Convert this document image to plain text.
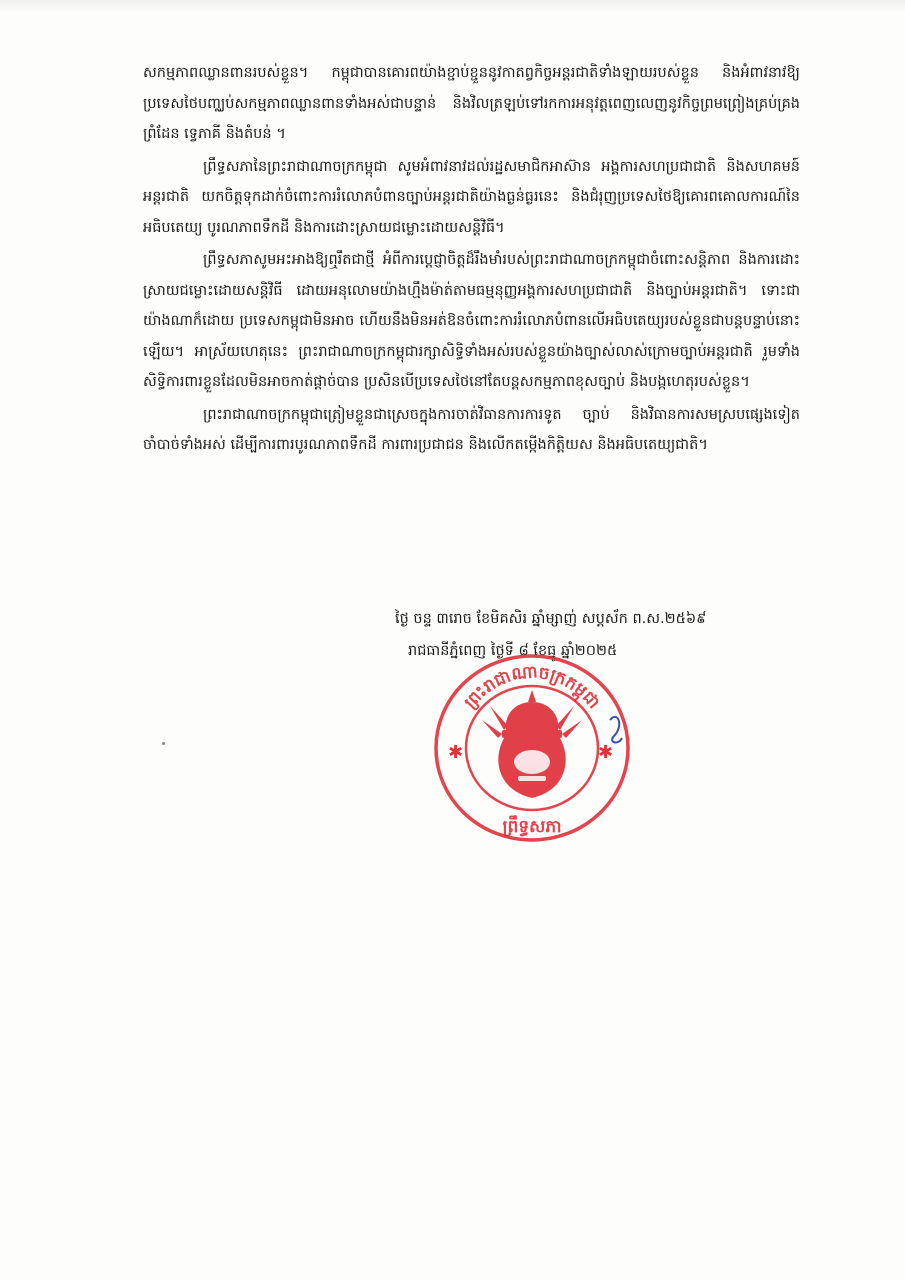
សកម្មភាពឈ្លានពានរបស់ខ្លួន។ កម្ពុជាបានគោរពយ៉ាងខ្ជាប់ខ្ជួននូវកាតព្វកិច្ចអន្តរជាតិទាំងឡាយរបស់ខ្លួន និងអំពាវនាវឱ្យប្រទេសថៃបញ្ឈប់សកម្មភាពឈ្លានពានទាំងអស់ជាបន្ទាន់ និងវិលត្រឡប់ទៅរកការអនុវត្តពេញលេញនូវកិច្ចព្រមព្រៀងគ្រប់គ្រងព្រំដែន ទ្វេភាគី និងតំបន់ ។

ព្រឹទ្ធសភានៃព្រះរាជាណាចក្រកម្ពុជា សូមអំពាវនាវដល់រដ្ឋសមាជិកអាស៊ាន អង្គការសហប្រជាជាតិ និងសហគមន៍អន្តរជាតិ យកចិត្តទុកដាក់ចំពោះការរំលោភបំពានច្បាប់អន្តរជាតិយ៉ាងធ្ងន់ធ្ងរនេះ និងជំរុញប្រទេសថៃឱ្យគោរពគោលការណ៍នៃអធិបតេយ្យ បូរណភាពទឹកដី និងការដោះស្រាយជម្លោះដោយសន្តិវិធី។

ព្រឹទ្ធសភាសូមអះអាងឱ្យឮរឹតជាថ្មី អំពីការប្តេជ្ញាចិត្តដ៏រឹងមាំរបស់ព្រះរាជាណាចក្រកម្ពុជាចំពោះសន្តិភាព និងការដោះស្រាយជម្លោះដោយសន្តិវិធី ដោយអនុលោមយ៉ាងហ្មឹងម៉ាត់តាមធម្មនុញ្ញអង្គការសហប្រជាជាតិ និងច្បាប់អន្តរជាតិ។ ទោះជាយ៉ាងណាក៏ដោយ ប្រទេសកម្ពុជាមិនអាច ហើយនឹងមិនអត់ឱនចំពោះការរំលោភបំពានលើអធិបតេយ្យរបស់ខ្លួនជាបន្តបន្ទាប់នោះឡើយ។ អាស្រ័យហេតុនេះ ព្រះរាជាណាចក្រកម្ពុជារក្សាសិទ្ធិទាំងអស់របស់ខ្លួនយ៉ាងច្បាស់លាស់ក្រោមច្បាប់អន្តរជាតិ រួមទាំងសិទ្ធិការពារខ្លួនដែលមិនអាចកាត់ផ្តាច់បាន ប្រសិនបើប្រទេសថៃនៅតែបន្តសកម្មភាពខុសច្បាប់ និងបង្កហេតុរបស់ខ្លួន។

ព្រះរាជាណាចក្រកម្ពុជាត្រៀមខ្លួនជាស្រេចក្នុងការចាត់វិធានការការទូត ច្បាប់ និងវិធានការសមស្របផ្សេងទៀតចាំបាច់ទាំងអស់ ដើម្បីការពារបូរណភាពទឹកដី ការពារប្រជាជន និងលើកតម្កើងកិត្តិយស និងអធិបតេយ្យជាតិ។

ថ្ងៃ ចន្ទ ៣រោច ខែមិគសិរ ឆ្នាំម្សាញ់ សប្តស័ក ព.ស.២៥៦៩
រាជធានីភ្នំពេញ ថ្ងៃទី ៨ ខែធ្នូ ឆ្នាំ២០២៥
ព្រះរាជាណាចក្រកម្ពុជា
ព្រឹទ្ធសភា
✱	✱
